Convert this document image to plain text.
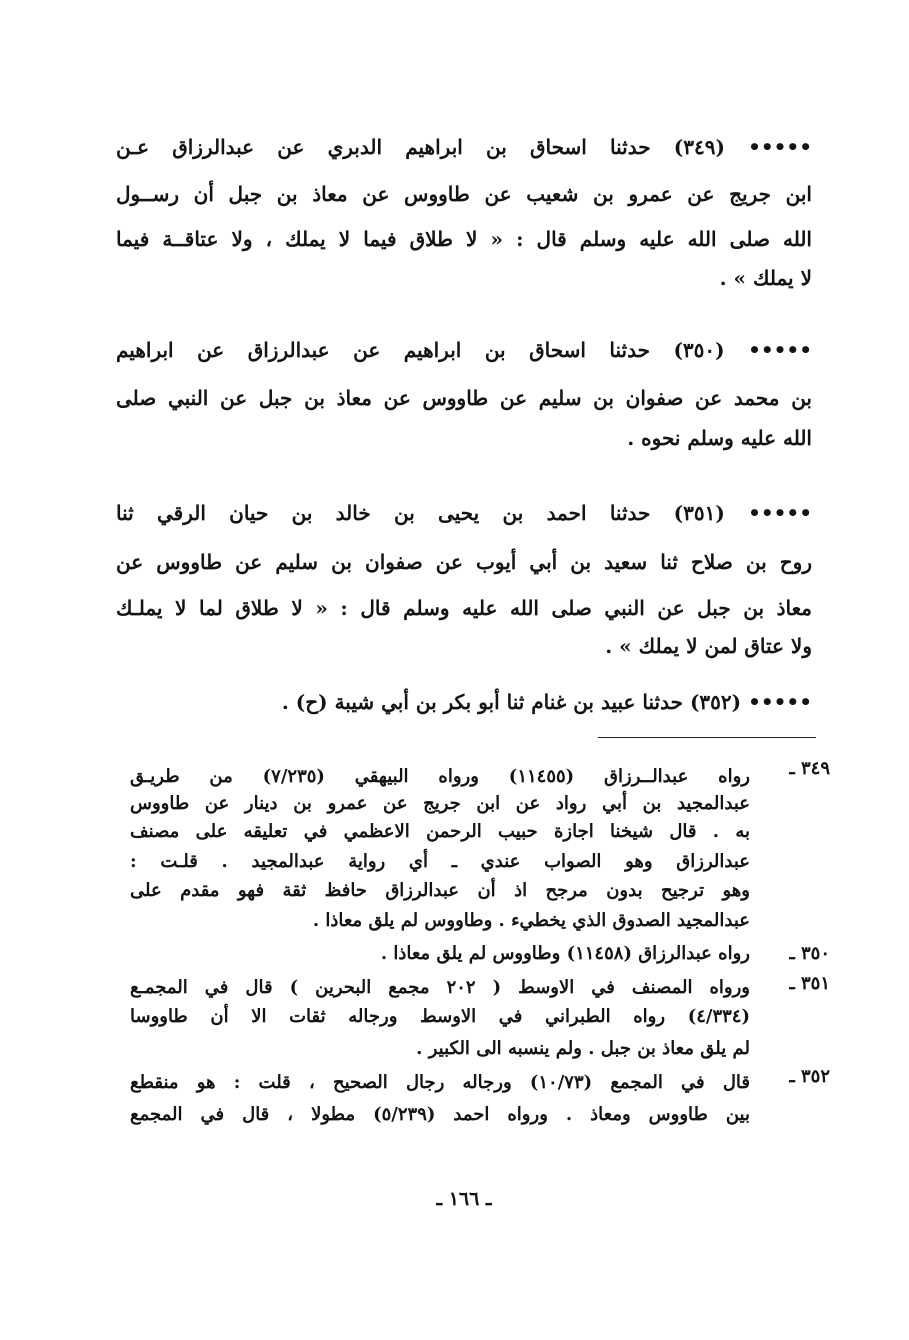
••••• (٣٤٩) حدثنا اسحاق بن ابراهيم الدبري عن عبدالرزاق عـن
ابن جريج عن عمرو بن شعيب عن طاووس عن معاذ بن جبل أن رســول
الله صلى الله عليه وسلم قال : « لا طلاق فيما لا يملك ، ولا عتاقــة فيما
لا يملك » .
••••• (٣٥٠) حدثنا اسحاق بن ابراهيم عن عبدالرزاق عن ابراهيم
بن محمد عن صفوان بن سليم عن طاووس عن معاذ بن جبل عن النبي صلى
الله عليه وسلم نحوه .
••••• (٣٥١) حدثنا احمد بن يحيى بن خالد بن حيان الرقي ثنا
روح بن صلاح ثنا سعيد بن أبي أيوب عن صفوان بن سليم عن طاووس عن
معاذ بن جبل عن النبي صلى الله عليه وسلم قال : « لا طلاق لما لا يملـك
ولا عتاق لمن لا يملك » .
••••• (٣٥٢) حدثنا عبيد بن غنام ثنا أبو بكر بن أبي شيبة (ح) .
٣٤٩ ـ
رواه عبدالــرزاق (١١٤٥٥) ورواه البيهقي (٧/٢٣٥) من طريـق
عبدالمجيد بن أبي رواد عن ابن جريج عن عمرو بن دينار عن طاووس
به . قال شيخنا اجازة حبيب الرحمن الاعظمي في تعليقه على مصنف
عبدالرزاق وهو الصواب عندي ـ أي رواية عبدالمجيد . قلـت :
وهو ترجيح بدون مرجح اذ أن عبدالرزاق حافظ ثقة فهو مقدم على
عبدالمجيد الصدوق الذي يخطيء . وطاووس لم يلق معاذا .
٣٥٠ ـ
رواه عبدالرزاق (١١٤٥٨) وطاووس لم يلق معاذا .
٣٥١ ـ
ورواه المصنف في الاوسط ( ٢٠٢ مجمع البحرين ) قال في المجمـع
(٤/٣٣٤) رواه الطبراني في الاوسط ورجاله ثقات الا أن طاووسا
لم يلق معاذ بن جبل . ولم ينسبه الى الكبير .
٣٥٢ ـ
قال في المجمع (١٠/٧٣) ورجاله رجال الصحيح ، قلت : هو منقطع
بين طاووس ومعاذ . ورواه احمد (٥/٢٣٩) مطولا ، قال في المجمع
ـ ١٦٦ ـ
